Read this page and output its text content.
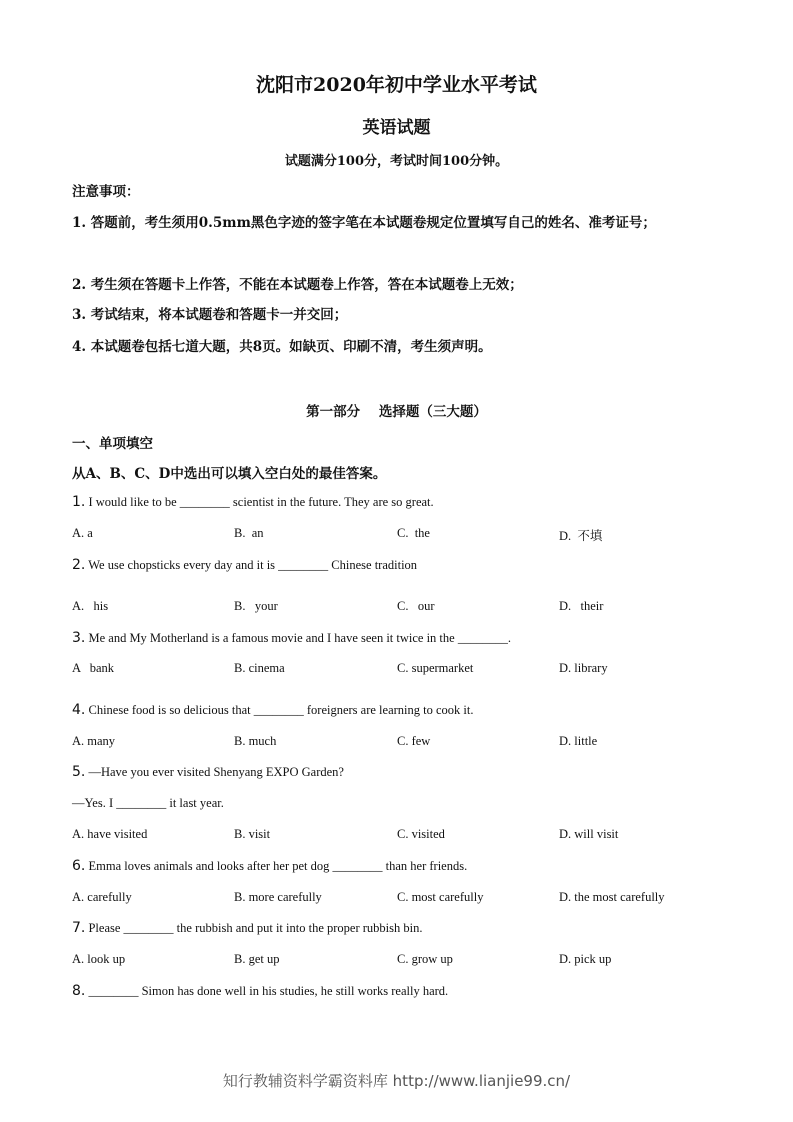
沈阳市2020年初中学业水平考试
英语试题
试题满分100分，考试时间100分钟。
注意事项：
1. 答题前，考生须用0.5mm黑色字迹的签字笔在本试题卷规定位置填写自己的姓名、准考证号；
2. 考生须在答题卡上作答，不能在本试题卷上作答，答在本试题卷上无效；
3. 考试结束，将本试题卷和答题卡一并交回；
4. 本试题卷包括七道大题，共8页。如缺页、印刷不清，考生须声明。
第一部分    选择题（三大题）
一、单项填空
从A、B、C、D中选出可以填入空白处的最佳答案。
1. I would like to be ________ scientist in the future. They are so great.
A. a	B.  an	C.  the	D.  不填
2. We use chopsticks every day and it is ________ Chinese tradition
A.   his	B.   your	C.   our	D.   their
3. Me and My Motherland is a famous movie and I have seen it twice in the ________.
A   bank	B. cinema	C. supermarket	D. library
4. Chinese food is so delicious that ________ foreigners are learning to cook it.
A. many	B. much	C. few	D. little
5. —Have you ever visited Shenyang EXPO Garden?
—Yes. I ________ it last year.
A. have visited	B. visit	C. visited	D. will visit
6. Emma loves animals and looks after her pet dog ________ than her friends.
A. carefully	B. more carefully	C. most carefully	D. the most carefully
7. Please ________ the rubbish and put it into the proper rubbish bin.
A. look up	B. get up	C. grow up	D. pick up
8. ________ Simon has done well in his studies, he still works really hard.
知行教辅资料学霸资料库 http://www.lianjie99.cn/
